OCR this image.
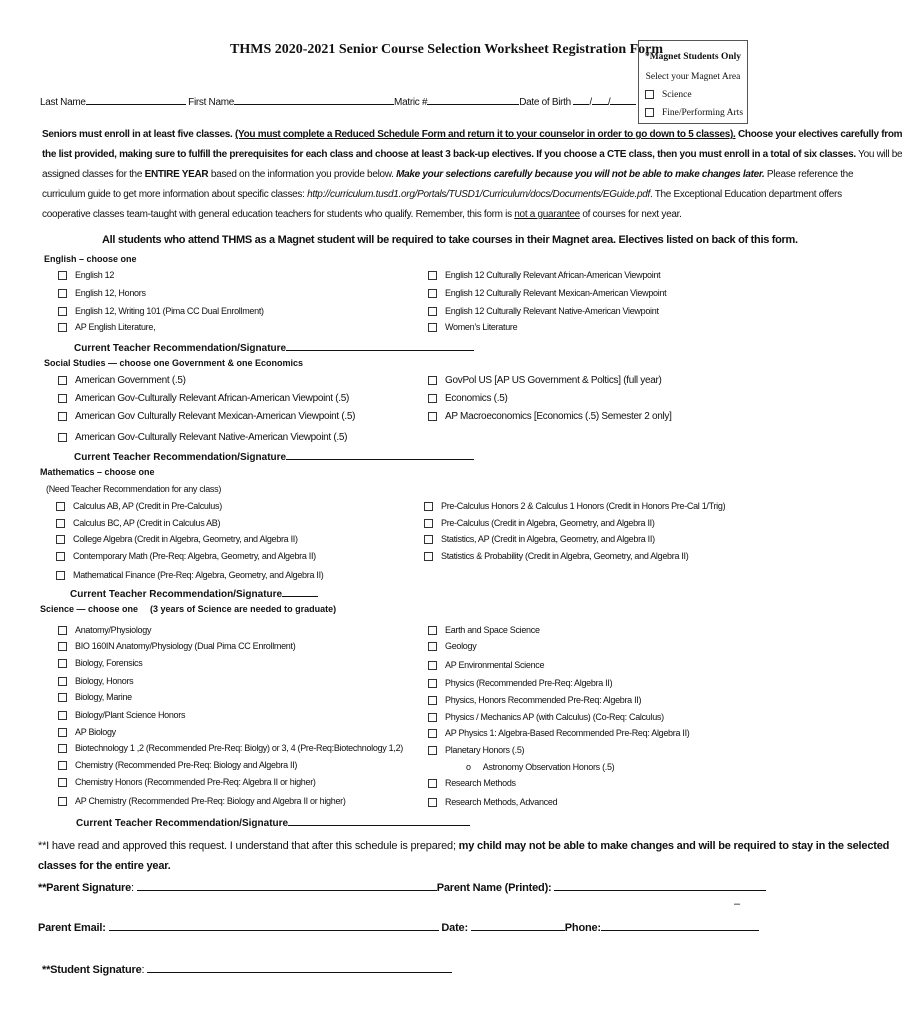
THMS 2020-2021 Senior Course Selection Worksheet Registration Form
*Magnet Students Only
Select your Magnet Area
Science
Fine/Performing Arts
Last Name	First Name	Matric #	Date of Birth / /

Seniors must enroll in at least five classes. (You must complete a Reduced Schedule Form and return it to your counselor in order to go down to 5 classes). Choose your electives carefully from

the list provided, making sure to fulfill the prerequisites for each class and choose at least 3 back-up electives. If you choose a CTE class, then you must enroll in a total of six classes. You will be

assigned classes for the ENTIRE YEAR based on the information you provide below. Make your selections carefully because you will not be able to make changes later. Please reference the

curriculum guide to get more information about specific classes: http://curriculum.tusd1.org/Portals/TUSD1/Curriculum/docs/Documents/EGuide.pdf. The Exceptional Education department offers

cooperative classes team-taught with general education teachers for students who qualify. Remember, this form is not a guarantee of courses for next year.

All students who attend THMS as a Magnet student will be required to take courses in their Magnet area. Electives listed on back of this form.
English – choose one
English 12
English 12, Honors
English 12, Writing 101 (Pima CC Dual Enrollment)
AP English Literature,
English 12 Culturally Relevant African-American Viewpoint
English 12 Culturally Relevant Mexican-American Viewpoint
English 12 Culturally Relevant Native-American Viewpoint
Women’s Literature
Current Teacher Recommendation/Signature
Social Studies — choose one Government & one Economics
American Government (.5)
American Gov-Culturally Relevant African-American Viewpoint (.5)
American Gov Culturally Relevant Mexican-American Viewpoint (.5)
American Gov-Culturally Relevant Native-American Viewpoint (.5)
GovPol US [AP US Government & Poltics] (full year)
Economics (.5)
AP Macroeconomics [Economics (.5) Semester 2 only]
Current Teacher Recommendation/Signature
Mathematics – choose one
(Need Teacher Recommendation for any class)
Calculus AB, AP (Credit in Pre-Calculus)
Calculus BC, AP (Credit in Calculus AB)
College Algebra (Credit in Algebra, Geometry, and Algebra II)
Contemporary Math (Pre-Req: Algebra, Geometry, and Algebra II)
Mathematical Finance (Pre-Req: Algebra, Geometry, and Algebra II)
Pre-Calculus Honors 2 & Calculus 1 Honors (Credit in Honors Pre-Cal 1/Trig)
Pre-Calculus (Credit in Algebra, Geometry, and Algebra II)
Statistics, AP (Credit in Algebra, Geometry, and Algebra II)
Statistics & Probability (Credit in Algebra, Geometry, and Algebra II)
Current Teacher Recommendation/Signature
Science — choose one (3 years of Science are needed to graduate)
Anatomy/Physiology
BIO 160IN Anatomy/Physiology (Dual Pima CC Enrollment)
Biology, Forensics
Biology, Honors
Biology, Marine
Biology/Plant Science Honors
AP Biology
Biotechnology 1 ,2 (Recommended Pre-Req: Biolgy) or 3, 4 (Pre-Req:Biotechnology 1,2)
Chemistry (Recommended Pre-Req: Biology and Algebra II)
Chemistry Honors (Recommended Pre-Req: Algebra II or higher)
AP Chemistry (Recommended Pre-Req: Biology and Algebra II or higher)
Earth and Space Science
Geology
AP Environmental Science
Physics (Recommended Pre-Req: Algebra II)
Physics, Honors Recommended Pre-Req: Algebra II)
Physics / Mechanics AP (with Calculus) (Co-Req: Calculus)
AP Physics 1: Algebra-Based Recommended Pre-Req: Algebra II)
Planetary Honors (.5)
o Astronomy Observation Honors (.5)
Research Methods
Research Methods, Advanced
Current Teacher Recommendation/Signature
**I have read and approved this request. I understand that after this schedule is prepared; my child may not be able to make changes and will be required to stay in the selected
classes for the entire year.
**Parent Signature:	Parent Name (Printed):
–
Parent Email:	Date:	Phone:
**Student Signature:
